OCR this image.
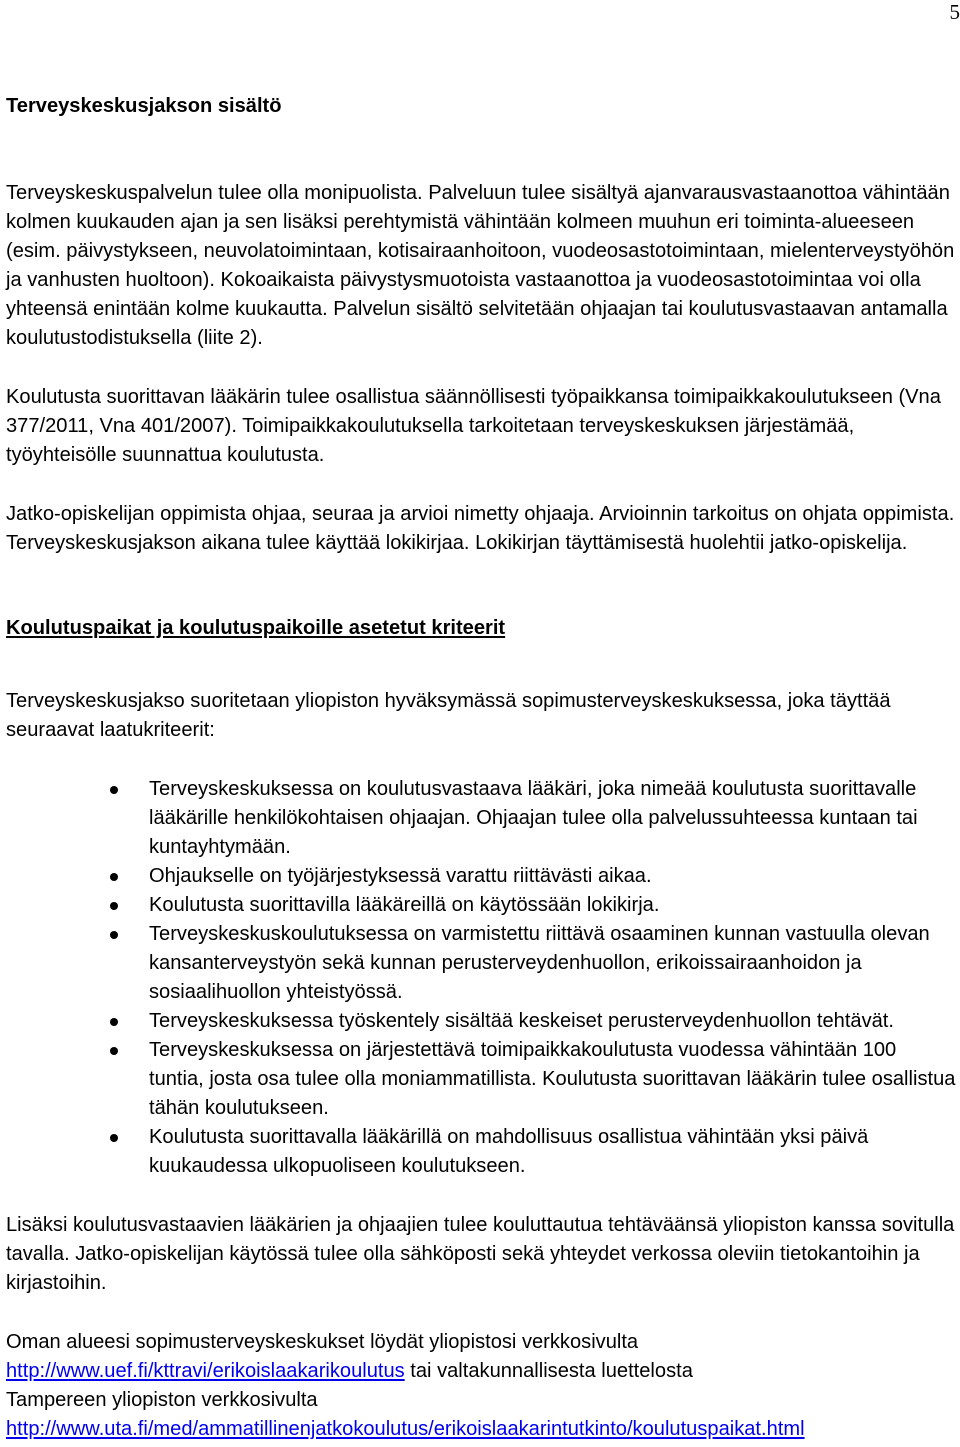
5
Terveyskeskusjakson sisältö

Terveyskeskuspalvelun tulee olla monipuolista. Palveluun tulee sisältyä ajanvarausvastaanottoa vähintään kolmen kuukauden ajan ja sen lisäksi perehtymistä vähintään kolmeen muuhun eri toiminta-alueeseen (esim. päivystykseen, neuvolatoimintaan, kotisairaanhoitoon, vuodeosastotoimintaan, mielenterveystyöhön ja vanhusten huoltoon). Kokoaikaista päivystysmuotoista vastaanottoa ja vuodeosastotoimintaa voi olla yhteensä enintään kolme kuukautta. Palvelun sisältö selvitetään ohjaajan tai koulutusvastaavan antamalla koulutustodistuksella (liite 2).

Koulutusta suorittavan lääkärin tulee osallistua säännöllisesti työpaikkansa toimipaikkakoulutukseen (Vna 377/2011, Vna 401/2007). Toimipaikkakoulutuksella tarkoitetaan terveyskeskuksen järjestämää, työyhteisölle suunnattua koulutusta.

Jatko-opiskelijan oppimista ohjaa, seuraa ja arvioi nimetty ohjaaja. Arvioinnin tarkoitus on ohjata oppimista. Terveyskeskusjakson aikana tulee käyttää lokikirjaa. Lokikirjan täyttämisestä huolehtii jatko-opiskelija.

Koulutuspaikat ja koulutuspaikoille asetetut kriteerit

Terveyskeskusjakso suoritetaan yliopiston hyväksymässä sopimusterveyskeskuksessa, joka täyttää seuraavat laatukriteerit:

Terveyskeskuksessa on koulutusvastaava lääkäri, joka nimeää koulutusta suorittavalle lääkärille henkilökohtaisen ohjaajan. Ohjaajan tulee olla palvelussuhteessa kuntaan tai kuntayhtymään.
Ohjaukselle on työjärjestyksessä varattu riittävästi aikaa.
Koulutusta suorittavilla lääkäreillä on käytössään lokikirja.
Terveyskeskuskoulutuksessa on varmistettu riittävä osaaminen kunnan vastuulla olevan kansanterveystyön sekä kunnan perusterveydenhuollon, erikoissairaanhoidon ja sosiaalihuollon yhteistyössä.
Terveyskeskuksessa työskentely sisältää keskeiset perusterveydenhuollon tehtävät.
Terveyskeskuksessa on järjestettävä toimipaikkakoulutusta vuodessa vähintään 100 tuntia, josta osa tulee olla moniammatillista. Koulutusta suorittavan lääkärin tulee osallistua tähän koulutukseen.
Koulutusta suorittavalla lääkärillä on mahdollisuus osallistua vähintään yksi päivä kuukaudessa ulkopuoliseen koulutukseen.

Lisäksi koulutusvastaavien lääkärien ja ohjaajien tulee kouluttautua tehtäväänsä yliopiston kanssa sovitulla tavalla. Jatko-opiskelijan käytössä tulee olla sähköposti sekä yhteydet verkossa oleviin tietokantoihin ja kirjastoihin.

Oman alueesi sopimusterveyskeskukset löydät yliopistosi verkkosivulta
http://www.uef.fi/kttravi/erikoislaakarikoulutus tai valtakunnallisesta luettelosta
Tampereen yliopiston verkkosivulta
http://www.uta.fi/med/ammatillinenjatkokoulutus/erikoislaakarintutkinto/koulutuspaikat.html
